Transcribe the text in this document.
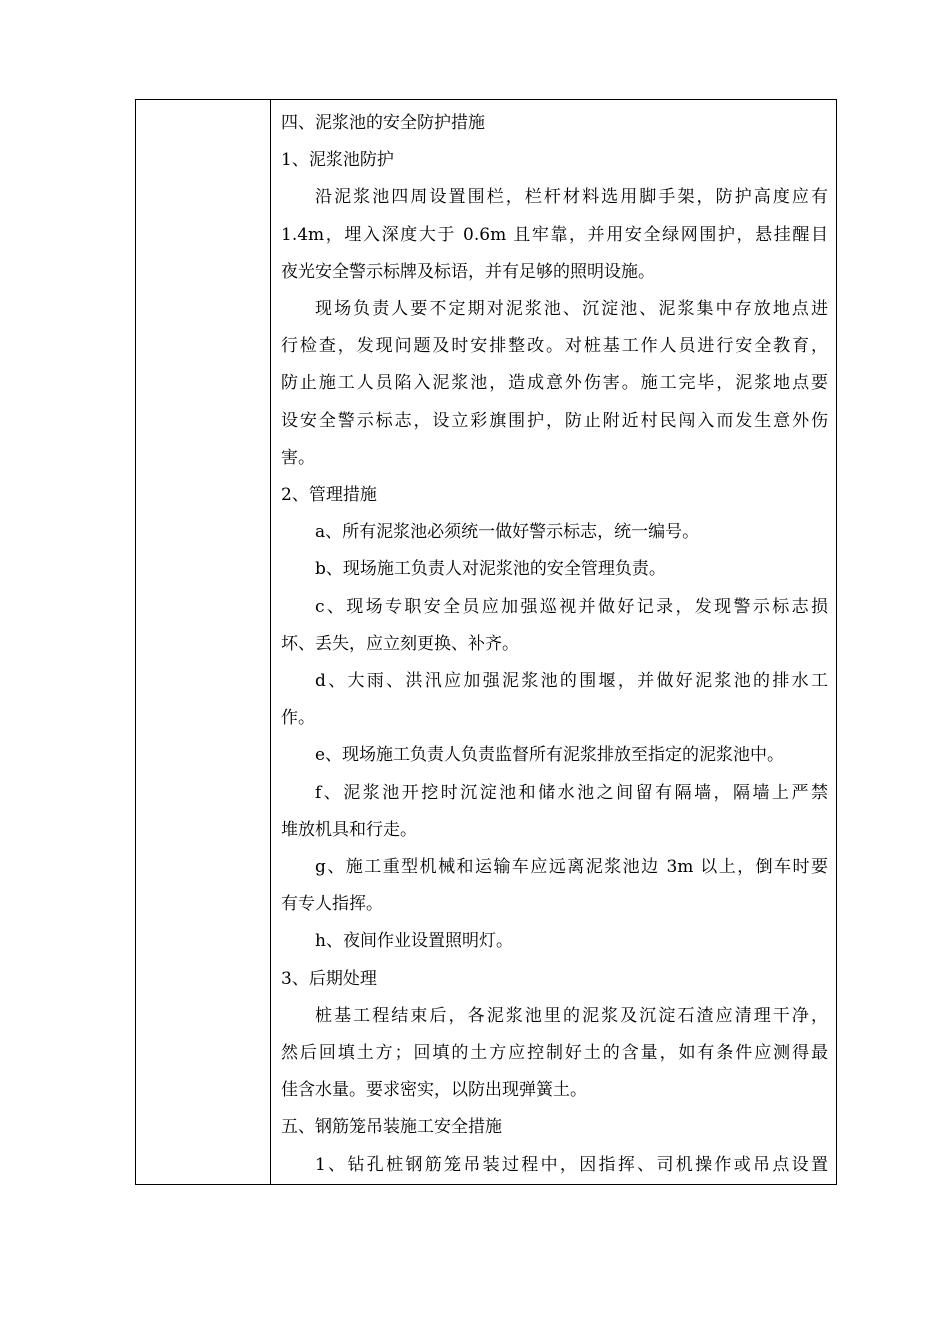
四、泥浆池的安全防护措施

1、泥浆池防护

沿泥浆池四周设置围栏，栏杆材料选用脚手架，防护高度应有

1.4m，埋入深度大于 0.6m 且牢靠，并用安全绿网围护，悬挂醒目

夜光安全警示标牌及标语，并有足够的照明设施。

现场负责人要不定期对泥浆池、沉淀池、泥浆集中存放地点进

行检查，发现问题及时安排整改。对桩基工作人员进行安全教育，

防止施工人员陷入泥浆池，造成意外伤害。施工完毕，泥浆地点要

设安全警示标志，设立彩旗围护，防止附近村民闯入而发生意外伤

害。

2、管理措施

a、所有泥浆池必须统一做好警示标志，统一编号。

b、现场施工负责人对泥浆池的安全管理负责。

c、现场专职安全员应加强巡视并做好记录，发现警示标志损

坏、丢失，应立刻更换、补齐。

d、大雨、洪汛应加强泥浆池的围堰，并做好泥浆池的排水工

作。

e、现场施工负责人负责监督所有泥浆排放至指定的泥浆池中。

f、泥浆池开挖时沉淀池和储水池之间留有隔墙，隔墙上严禁

堆放机具和行走。

g、施工重型机械和运输车应远离泥浆池边 3m 以上，倒车时要

有专人指挥。

h、夜间作业设置照明灯。

3、后期处理

桩基工程结束后，各泥浆池里的泥浆及沉淀石渣应清理干净，

然后回填土方；回填的土方应控制好土的含量，如有条件应测得最

佳含水量。要求密实，以防出现弹簧土。

五、钢筋笼吊装施工安全措施

1、钻孔桩钢筋笼吊装过程中，因指挥、司机操作或吊点设置
